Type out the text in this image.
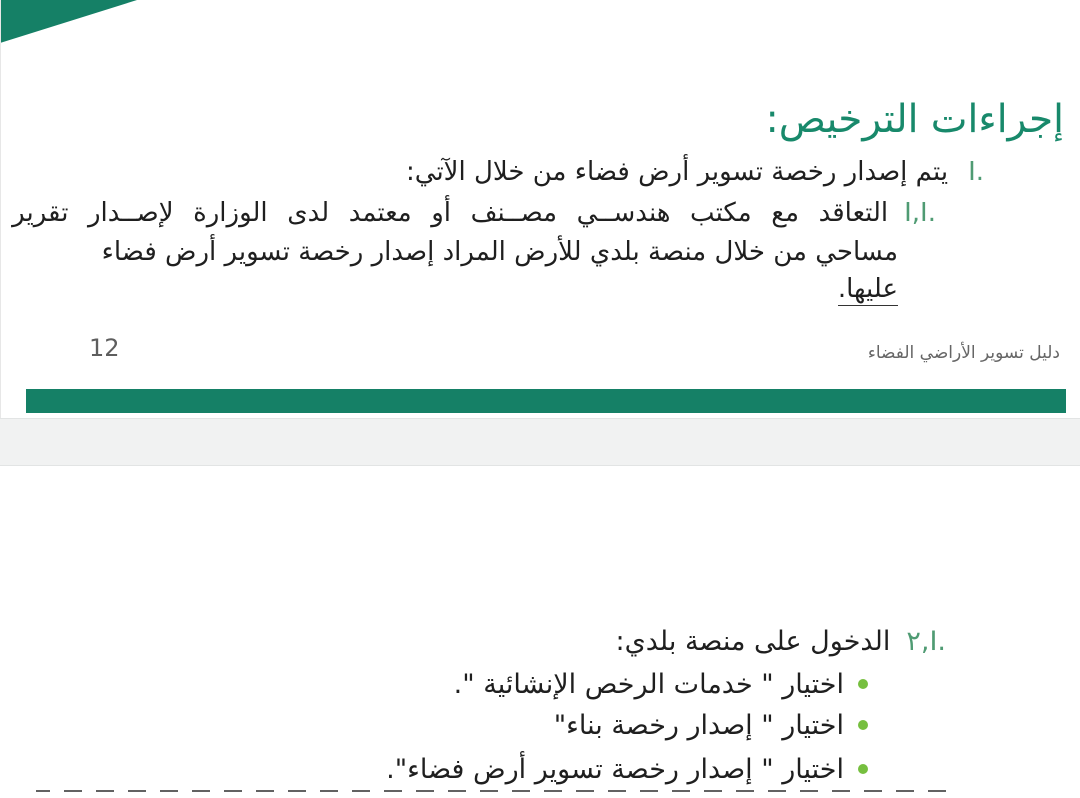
إجراءات الترخيص:
.Iيتم إصدار رخصة تسوير أرض فضاء من خلال الآتي:
.I,Iالتعاقد مع مكتب هندســي مصــنف أو معتمد لدى الوزارة لإصــدار تقرير
مساحي من خلال منصة بلدي للأرض المراد إصدار رخصة تسوير أرض فضاء
عليها.
دليل تسوير الأراضي الفضاء
12
.I,٢الدخول على منصة بلدي:
اختيار " خدمات الرخص الإنشائية ".
اختيار " إصدار رخصة بناء"
اختيار " إصدار رخصة تسوير أرض فضاء".
